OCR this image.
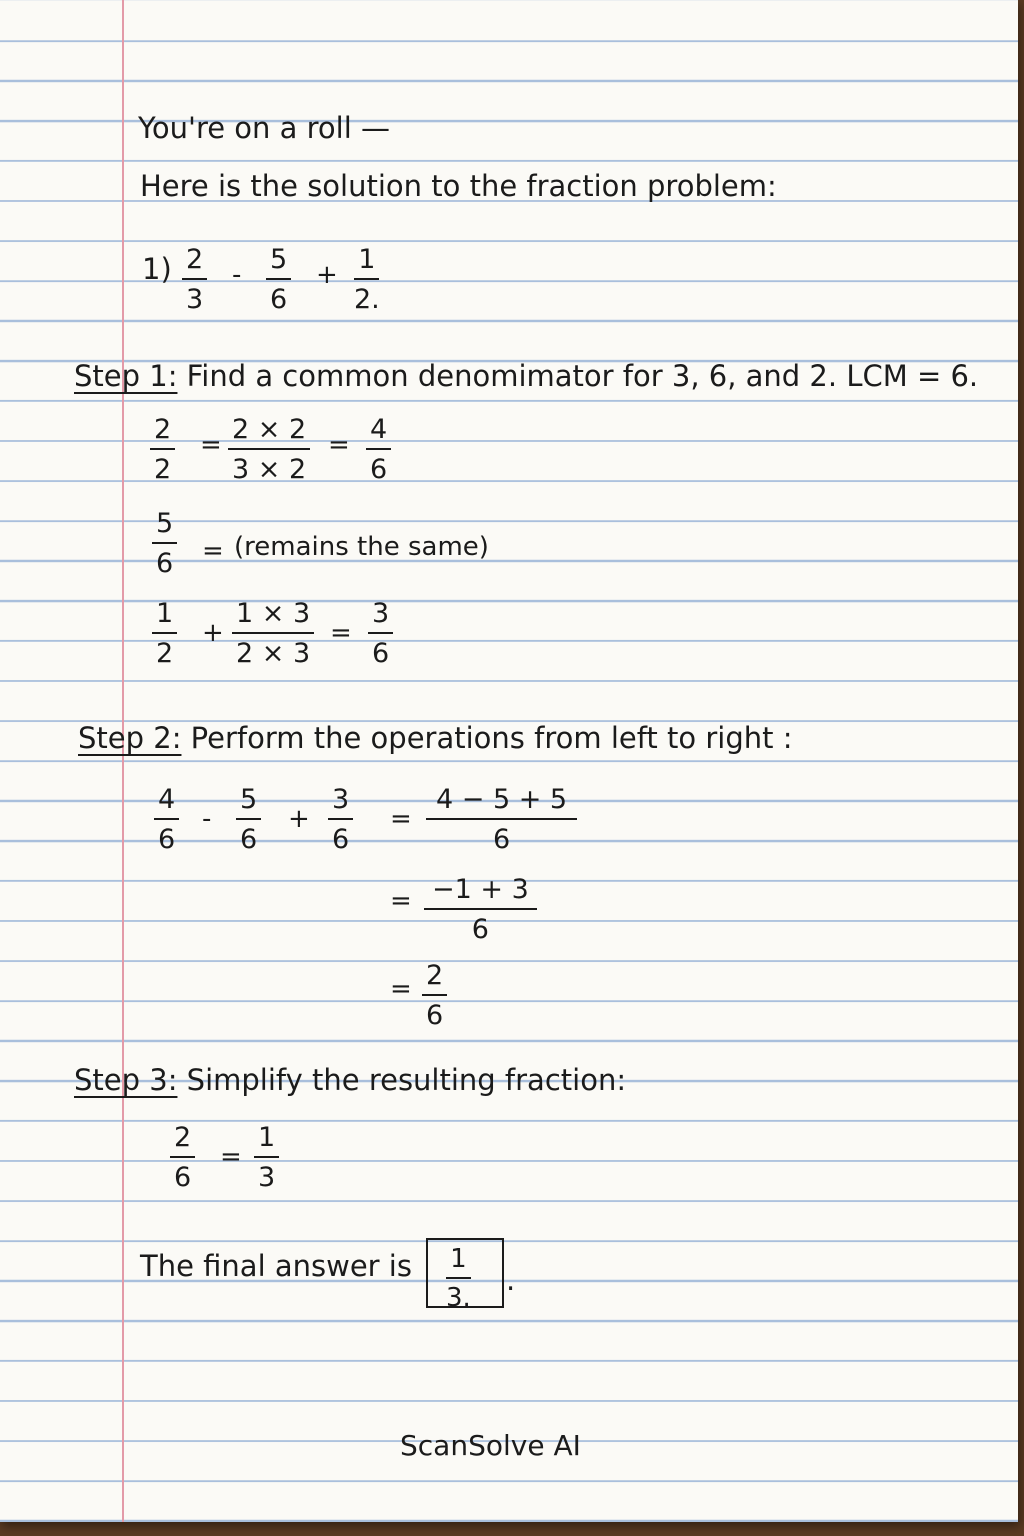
You're on a roll —
Here is the solution to the fraction problem:
$1) \frac{2}{3} - \frac{5}{6} + \frac{1}{2.}$
Step 1: Find a common denomimator for 3, 6, and 2. LCM = 6.
$\frac{2}{2} = \frac{2 \times 2}{3 \times 2} = \frac{4}{6}$
$\frac{5}{6}$ = (remains the same)
$\frac{1}{2} + \frac{1 \times 3}{2 \times 3} = \frac{3}{6}$
Step 2: Perform the operations from left to right :
$\frac{4}{6} - \frac{5}{6} + \frac{3}{6} = \frac{4 - 5 + 5}{6}$
= $\frac{-1 + 3}{6}$
= $\frac{2}{6}$
Step 3: Simplify the resulting fraction:
$\frac{2}{6} = \frac{1}{3}$
The final answer is $\frac{1}{3.}$ .
ScanSolve AI
